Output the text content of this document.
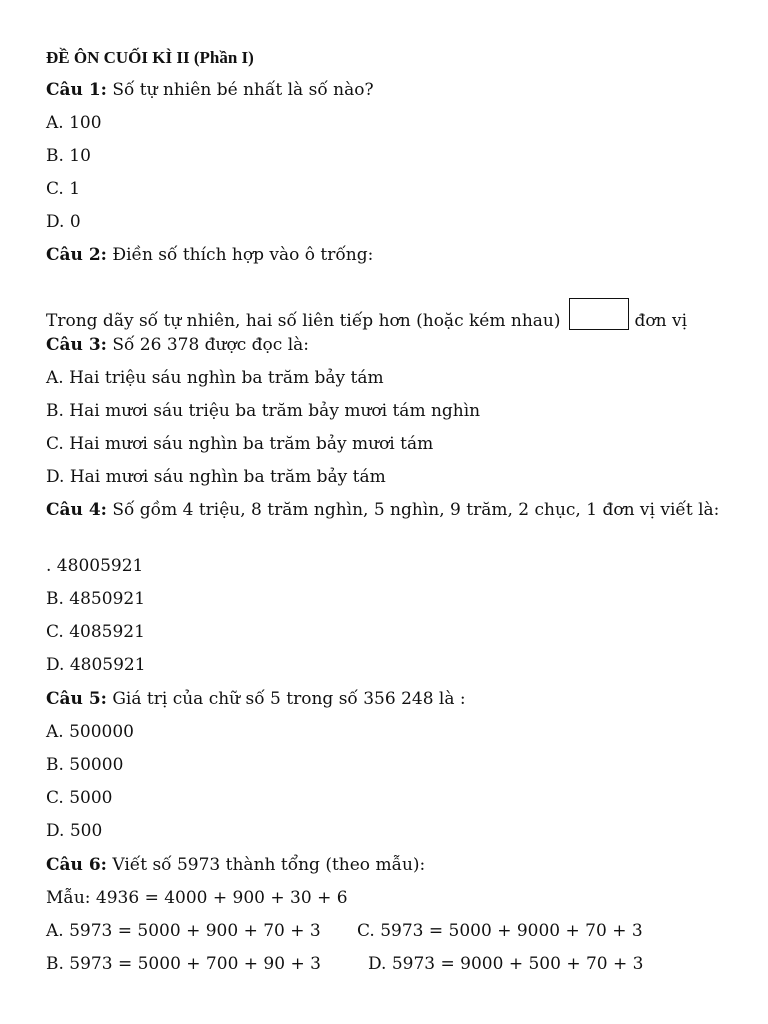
ĐỀ ÔN CUỐI KÌ II (Phần I)
Câu 1: Số tự nhiên bé nhất là số nào?
A. 100
B. 10
C. 1
D. 0
Câu 2: Điền số thích hợp vào ô trống:
Trong dãy số tự nhiên, hai số liên tiếp hơn (hoặc kém nhau)	đơn vị
Câu 3: Số 26 378 được đọc là:
A. Hai triệu sáu nghìn ba trăm bảy tám
B. Hai mươi sáu triệu ba trăm bảy mươi tám nghìn
C. Hai mươi sáu nghìn ba trăm bảy mươi tám
D. Hai mươi sáu nghìn ba trăm bảy tám
Câu 4: Số gồm 4 triệu, 8 trăm nghìn, 5 nghìn, 9 trăm, 2 chục, 1 đơn vị viết là:
. 48005921
B. 4850921
C. 4085921
D. 4805921
Câu 5: Giá trị của chữ số 5 trong số 356 248 là :
A. 500000
B. 50000
C. 5000
D. 500
Câu 6: Viết số 5973 thành tổng (theo mẫu):
Mẫu: 4936 = 4000 + 900 + 30 + 6
A. 5973 = 5000 + 900 + 70 + 3 C. 5973 = 5000 + 9000 + 70 + 3
B. 5973 = 5000 + 700 + 90 + 3	D. 5973 = 9000 + 500 + 70 + 3
